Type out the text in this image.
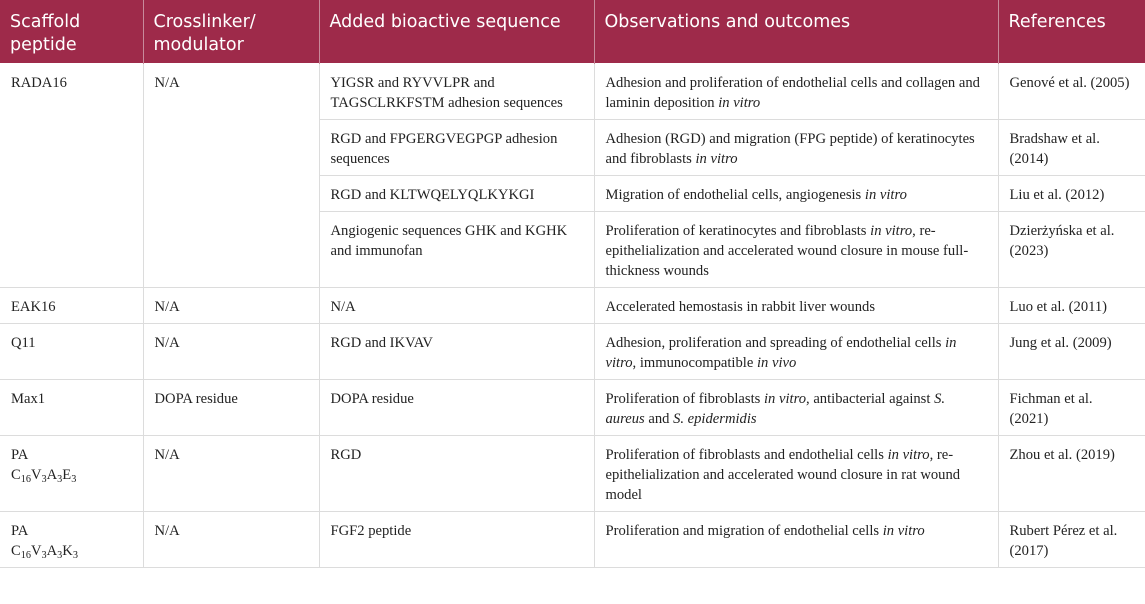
Scaffold peptide	Crosslinker/ modulator	Added bioactive sequence	Observations and outcomes	References
RADA16	N/A	YIGSR and RYVVLPR and TAGSCLRKFSTM adhesion sequences	Adhesion and proliferation of endothelial cells and collagen and laminin deposition in vitro	Genové et al. (2005)
		RGD and FPGERGVEGPGP adhesion sequences	Adhesion (RGD) and migration (FPG peptide) of keratinocytes and fibroblasts in vitro	Bradshaw et al. (2014)
		RGD and KLTWQELYQLKYKGI	Migration of endothelial cells, angiogenesis in vitro	Liu et al. (2012)
		Angiogenic sequences GHK and KGHK and immunofan	Proliferation of keratinocytes and fibroblasts in vitro, re-epithelialization and accelerated wound closure in mouse full-thickness wounds	Dzierżyńska et al. (2023)
EAK16	N/A	N/A	Accelerated hemostasis in rabbit liver wounds	Luo et al. (2011)
Q11	N/A	RGD and IKVAV	Adhesion, proliferation and spreading of endothelial cells in vitro, immunocompatible in vivo	Jung et al. (2009)
Max1	DOPA residue	DOPA residue	Proliferation of fibroblasts in vitro, antibacterial against S. aureus and S. epidermidis	Fichman et al. (2021)
PA
$C_{16}V_3A_3E_3$	N/A	RGD	Proliferation of fibroblasts and endothelial cells in vitro, re-epithelialization and accelerated wound closure in rat wound model	Zhou et al. (2019)
PA
$C_{16}V_3A_3K_3$	N/A	FGF2 peptide	Proliferation and migration of endothelial cells in vitro	Rubert Pérez et al. (2017)
